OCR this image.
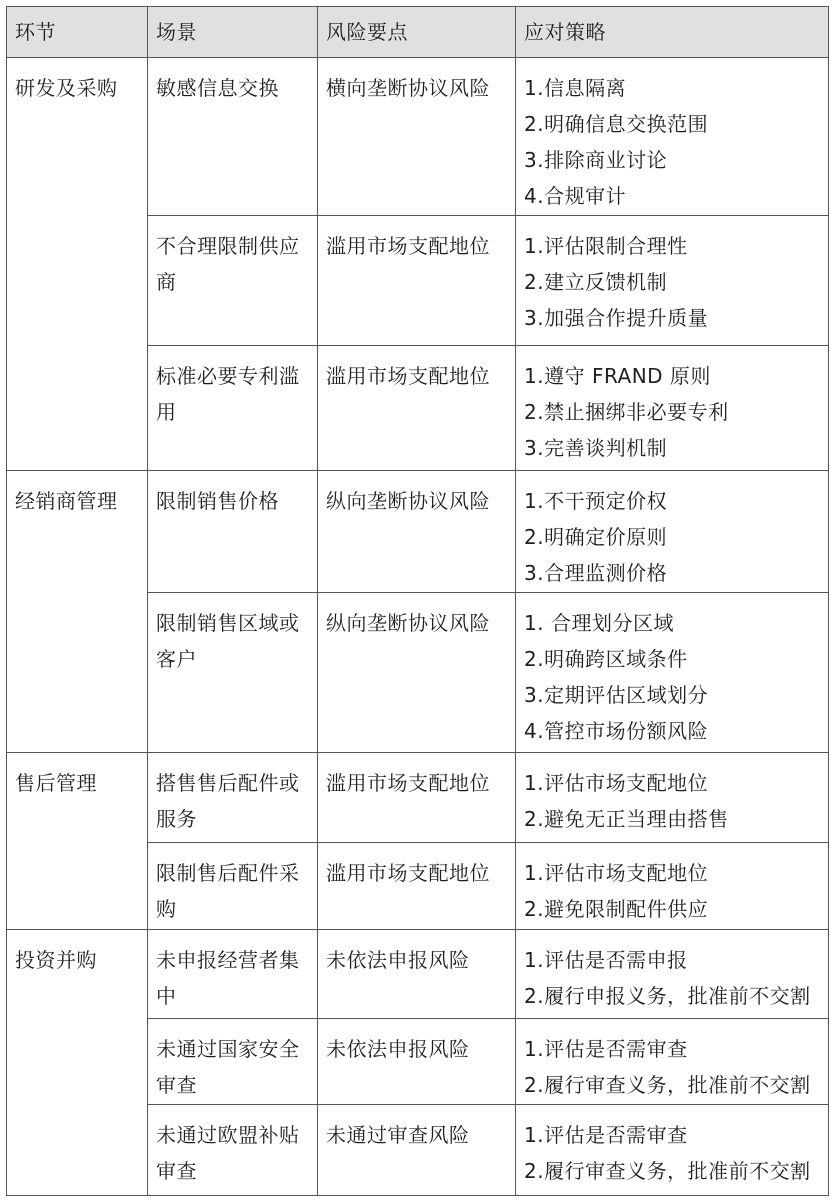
环节	场景	风险要点	应对策略
研发及采购	敏感信息交换	横向垄断协议风险	1.信息隔离
2.明确信息交换范围
3.排除商业讨论
4.合规审计

	不合理限制供应商	滥用市场支配地位	1.评估限制合理性
2.建立反馈机制
3.加强合作提升质量

	标准必要专利滥用	滥用市场支配地位	1.遵守 FRAND 原则
2.禁止捆绑非必要专利
3.完善谈判机制

经销商管理	限制销售价格	纵向垄断协议风险	1.不干预定价权
2.明确定价原则
3.合理监测价格

	限制销售区域或客户	纵向垄断协议风险	1. 合理划分区域
2.明确跨区域条件
3.定期评估区域划分
4.管控市场份额风险

售后管理	搭售售后配件或服务	滥用市场支配地位	1.评估市场支配地位
2.避免无正当理由搭售

	限制售后配件采购	滥用市场支配地位	1.评估市场支配地位
2.避免限制配件供应

投资并购	未申报经营者集中	未依法申报风险	1.评估是否需申报
2.履行申报义务，批准前不交割

	未通过国家安全审查	未依法申报风险	1.评估是否需审查
2.履行审查义务，批准前不交割

	未通过欧盟补贴审查	未通过审查风险	1.评估是否需审查
2.履行审查义务，批准前不交割
